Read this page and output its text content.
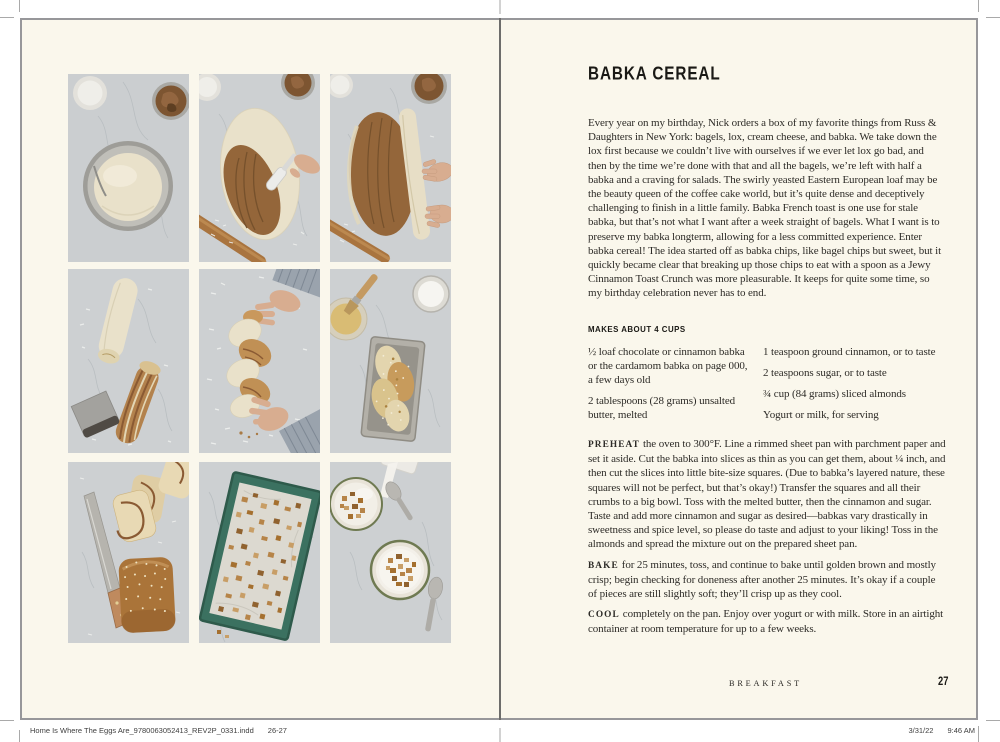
BABKA CEREAL
Every year on my birthday, Nick orders a box of my favorite things from Russ & Daughters in New York: bagels, lox, cream cheese, and babka. We take down the lox first because we couldn’t live with ourselves if we ever let lox go bad, and then by the time we’re done with that and all the bagels, we’re left with half a babka and a craving for salads. The swirly yeasted Eastern European loaf may be the beauty queen of the coffee cake world, but it’s quite dense and deceptively challenging to finish in a little family. Babka French toast is one use for stale babka, but that’s not what I want after a week straight of bagels. What I want is to preserve my babka longterm, allowing for a less committed experience. Enter babka cereal! The idea started off as babka chips, like bagel chips but sweet, but it quickly became clear that breaking up those chips to eat with a spoon as a Jewy Cinnamon Toast Crunch was more pleasurable. It keeps for quite some time, so my birthday celebration never has to end.
MAKES ABOUT 4 CUPS
½ loaf chocolate or cinnamon babka or the cardamom babka on page 000, a few days old
2 tablespoons (28 grams) unsalted butter, melted
1 teaspoon ground cinnamon, or to taste
2 teaspoons sugar, or to taste
¾ cup (84 grams) sliced almonds
Yogurt or milk, for serving

PREHEAT the oven to 300°F. Line a rimmed sheet pan with parchment paper and set it aside. Cut the babka into slices as thin as you can get them, about ¼ inch, and then cut the slices into little bite-size squares. (Due to babka’s layered nature, these squares will not be perfect, but that’s okay!) Transfer the squares and all their crumbs to a big bowl. Toss with the melted butter, then the cinnamon and sugar. Taste and add more cinnamon and sugar as desired—babkas vary drastically in sweetness and spice level, so please do taste and adjust to your liking! Toss in the almonds and spread the mixture out on the prepared sheet pan.

BAKE for 25 minutes, toss, and continue to bake until golden brown and mostly crisp; begin checking for doneness after another 25 minutes. It’s okay if a couple of pieces are still slightly soft; they’ll crisp up as they cool.

COOL completely on the pan. Enjoy over yogurt or with milk. Store in an airtight container at room temperature for up to a few weeks.

BREAKFAST	27
Home Is Where The Eggs Are_9780063052413_REV2P_0331.indd 26-27	3/31/22 9:46 AM
